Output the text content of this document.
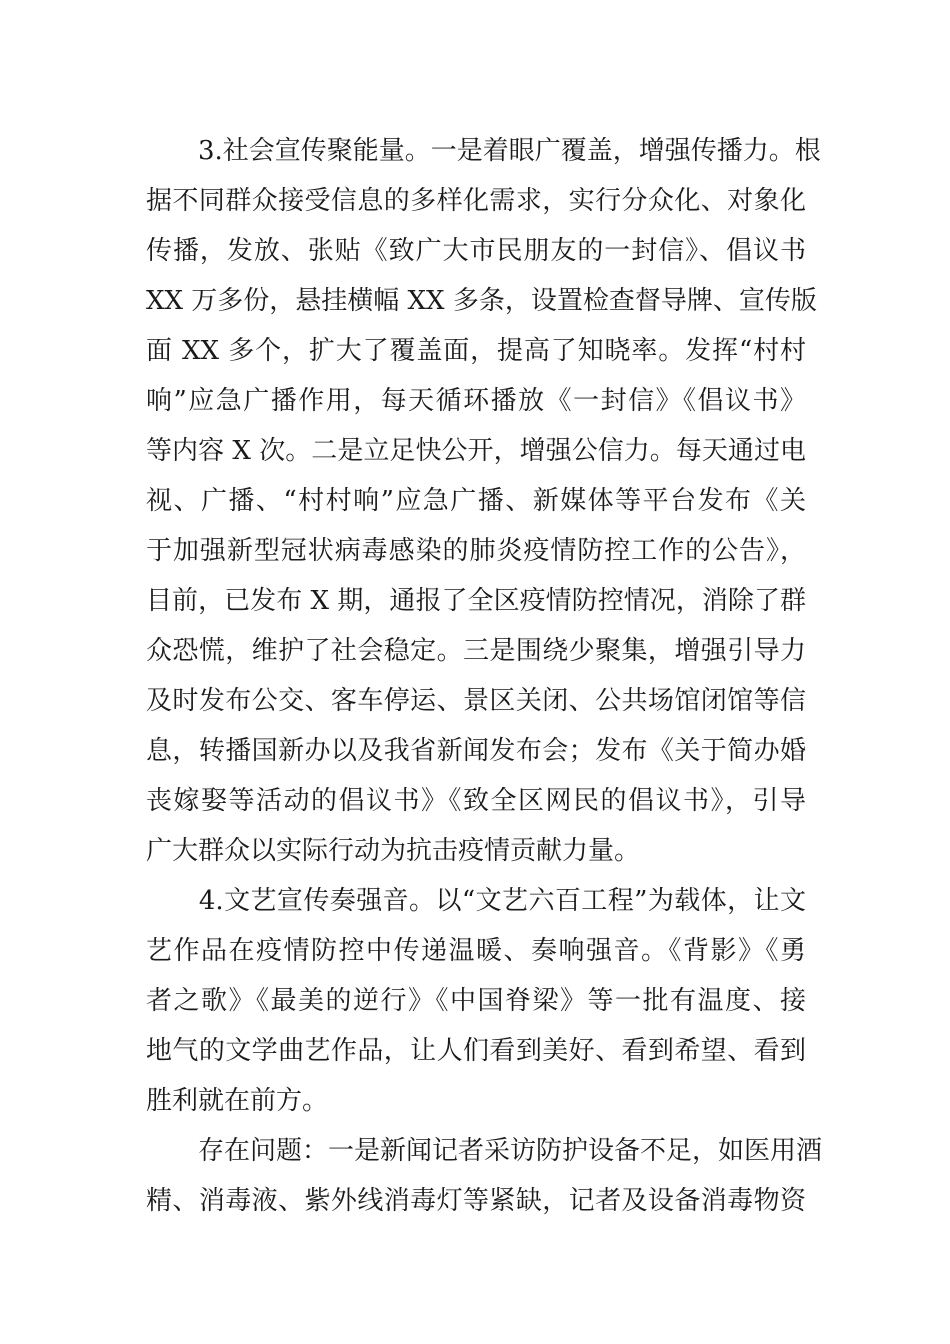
　　3.社会宣传聚能量。一是着眼广覆盖，增强传播力。根
据不同群众接受信息的多样化需求，实行分众化、对象化
传播，发放、张贴《致广大市民朋友的一封信》、倡议书
XX 万多份，悬挂横幅 XX 多条，设置检查督导牌、宣传版
面 XX 多个，扩大了覆盖面，提高了知晓率。发挥“村村
响”应急广播作用，每天循环播放《一封信》《倡议书》
等内容 X 次。二是立足快公开，增强公信力。每天通过电
视、广播、“村村响”应急广播、新媒体等平台发布《关
于加强新型冠状病毒感染的肺炎疫情防控工作的公告》，
目前，已发布 X 期，通报了全区疫情防控情况，消除了群
众恐慌，维护了社会稳定。三是围绕少聚集，增强引导力
及时发布公交、客车停运、景区关闭、公共场馆闭馆等信
息，转播国新办以及我省新闻发布会；发布《关于简办婚
丧嫁娶等活动的倡议书》《致全区网民的倡议书》，引导
广大群众以实际行动为抗击疫情贡献力量。
　　4.文艺宣传奏强音。以“文艺六百工程”为载体，让文
艺作品在疫情防控中传递温暖、奏响强音。《背影》《勇
者之歌》《最美的逆行》《中国脊梁》等一批有温度、接
地气的文学曲艺作品，让人们看到美好、看到希望、看到
胜利就在前方。
　　存在问题：一是新闻记者采访防护设备不足，如医用酒
精、消毒液、紫外线消毒灯等紧缺，记者及设备消毒物资
